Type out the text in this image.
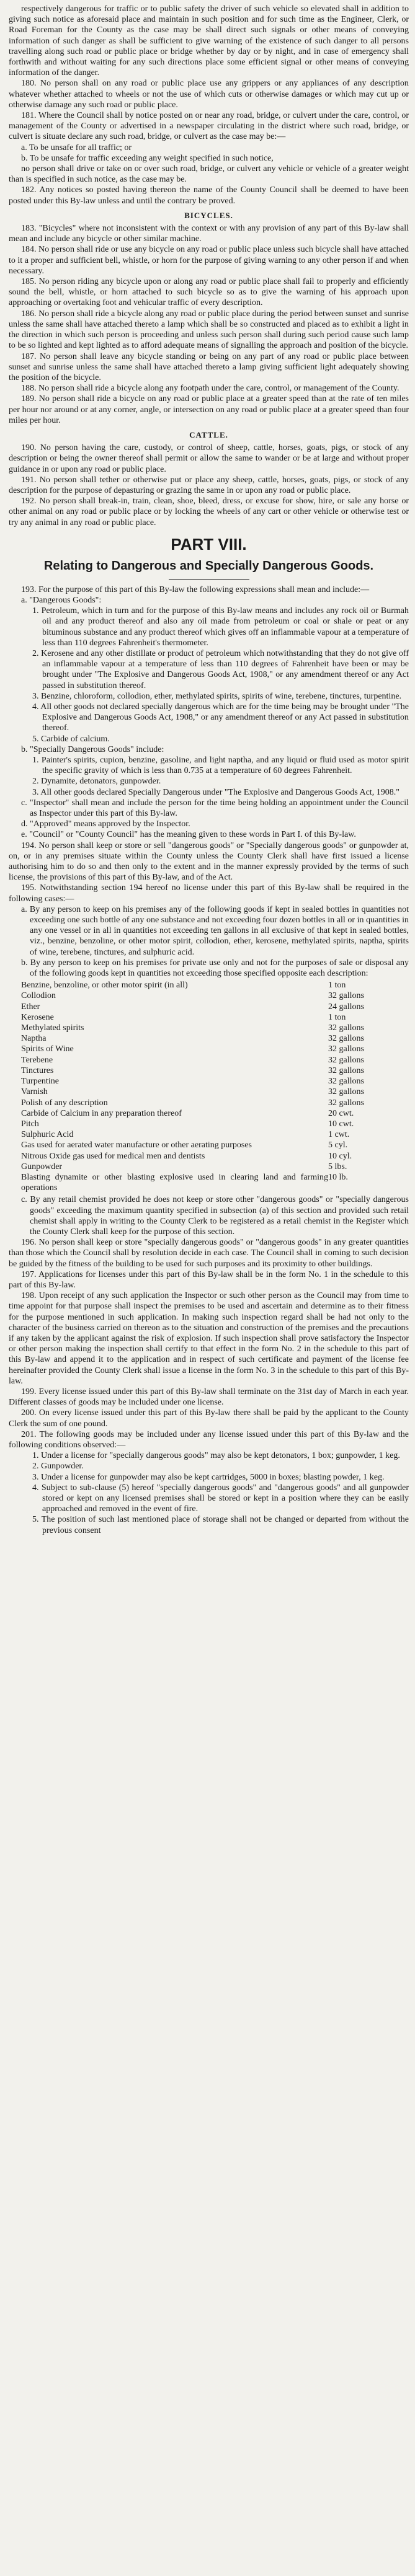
respectively dangerous for traffic or to public safety the driver of such vehicle so elevated shall in addition to giving such notice as aforesaid place and maintain in such position and for such time as the Engineer, Clerk, or Road Foreman for the County as the case may be shall direct such signals or other means of conveying information of such danger as shall be sufficient to give warning of the existence of such danger to all persons travelling along such road or public place or bridge whether by day or by night, and in case of emergency shall forthwith and without waiting for any such directions place some efficient signal or other means of conveying information of the danger.

180. No person shall on any road or public place use any grippers or any appliances of any description whatever whether attached to wheels or not the use of which cuts or otherwise damages or which may cut up or otherwise damage any such road or public place.

181. Where the Council shall by notice posted on or near any road, bridge, or culvert under the care, control, or management of the County or advertised in a newspaper circulating in the district where such road, bridge, or culvert is situate declare any such road, bridge, or culvert as the case may be:—

a. To be unsafe for all traffic; or

b. To be unsafe for traffic exceeding any weight specified in such notice,

no person shall drive or take on or over such road, bridge, or culvert any vehicle or vehicle of a greater weight than is specified in such notice, as the case may be.

182. Any notices so posted having thereon the name of the County Council shall be deemed to have been posted under this By-law unless and until the contrary be proved.

BICYCLES.

183. "Bicycles" where not inconsistent with the context or with any provision of any part of this By-law shall mean and include any bicycle or other similar machine.

184. No person shall ride or use any bicycle on any road or public place unless such bicycle shall have attached to it a proper and sufficient bell, whistle, or horn for the purpose of giving warning to any other person if and when necessary.

185. No person riding any bicycle upon or along any road or public place shall fail to properly and efficiently sound the bell, whistle, or horn attached to such bicycle so as to give the warning of his approach upon approaching or overtaking foot and vehicular traffic of every description.

186. No person shall ride a bicycle along any road or public place during the period between sunset and sunrise unless the same shall have attached thereto a lamp which shall be so constructed and placed as to exhibit a light in the direction in which such person is proceeding and unless such person shall during such period cause such lamp to be so lighted and kept lighted as to afford adequate means of signalling the approach and position of the bicycle.

187. No person shall leave any bicycle standing or being on any part of any road or public place between sunset and sunrise unless the same shall have attached thereto a lamp giving sufficient light adequately showing the position of the bicycle.

188. No person shall ride a bicycle along any footpath under the care, control, or management of the County.

189. No person shall ride a bicycle on any road or public place at a greater speed than at the rate of ten miles per hour nor around or at any corner, angle, or intersection on any road or public place at a greater speed than four miles per hour.

CATTLE.

190. No person having the care, custody, or control of sheep, cattle, horses, goats, pigs, or stock of any description or being the owner thereof shall permit or allow the same to wander or be at large and without proper guidance in or upon any road or public place.

191. No person shall tether or otherwise put or place any sheep, cattle, horses, goats, pigs, or stock of any description for the purpose of depasturing or grazing the same in or upon any road or public place.

192. No person shall break-in, train, clean, shoe, bleed, dress, or excuse for show, hire, or sale any horse or other animal on any road or public place or by locking the wheels of any cart or other vehicle or otherwise test or try any animal in any road or public place.

PART VIII.
Relating to Dangerous and Specially Dangerous Goods.

193. For the purpose of this part of this By-law the following expressions shall mean and include:—

a. "Dangerous Goods":

1. Petroleum, which in turn and for the purpose of this By-law means and includes any rock oil or Burmah oil and any product thereof and also any oil made from petroleum or coal or shale or peat or any bituminous substance and any product thereof which gives off an inflammable vapour at a temperature of less than 110 degrees Fahrenheit's thermometer.

2. Kerosene and any other distillate or product of petroleum which notwithstanding that they do not give off an inflammable vapour at a temperature of less than 110 degrees of Fahrenheit have been or may be brought under "The Explosive and Dangerous Goods Act, 1908," or any amendment thereof or any Act passed in substitution thereof.

3. Benzine, chloroform, collodion, ether, methylated spirits, spirits of wine, terebene, tinctures, turpentine.

4. All other goods not declared specially dangerous which are for the time being may be brought under "The Explosive and Dangerous Goods Act, 1908," or any amendment thereof or any Act passed in substitution thereof.

5. Carbide of calcium.

b. "Specially Dangerous Goods" include:

1. Painter's spirits, cupion, benzine, gasoline, and light naptha, and any liquid or fluid used as motor spirit the specific gravity of which is less than 0.735 at a temperature of 60 degrees Fahrenheit.

2. Dynamite, detonators, gunpowder.

3. All other goods declared Specially Dangerous under "The Explosive and Dangerous Goods Act, 1908."

c. "Inspector" shall mean and include the person for the time being holding an appointment under the Council as Inspector under this part of this By-law.

d. "Approved" means approved by the Inspector.

e. "Council" or "County Council" has the meaning given to these words in Part I. of this By-law.

194. No person shall keep or store or sell "dangerous goods" or "Specially dangerous goods" or gunpowder at, on, or in any premises situate within the County unless the County Clerk shall have first issued a license authorising him to do so and then only to the extent and in the manner expressly provided by the terms of such license, the provisions of this part of this By-law, and of the Act.

195. Notwithstanding section 194 hereof no license under this part of this By-law shall be required in the following cases:—

a. By any person to keep on his premises any of the following goods if kept in sealed bottles in quantities not exceeding one such bottle of any one substance and not exceeding four dozen bottles in all or in quantities in any one vessel or in all in quantities not exceeding ten gallons in all exclusive of that kept in sealed bottles, viz., benzine, benzoline, or other motor spirit, collodion, ether, kerosene, methylated spirits, naptha, spirits of wine, terebene, tinctures, and sulphuric acid.

b. By any person to keep on his premises for private use only and not for the purposes of sale or disposal any of the following goods kept in quantities not exceeding those specified opposite each description:

Benzine, benzoline, or other motor spirit (in all)	1 ton
Collodion	32 gallons
Ether	24 gallons
Kerosene	1 ton
Methylated spirits	32 gallons
Naptha	32 gallons
Spirits of Wine	32 gallons
Terebene	32 gallons
Tinctures	32 gallons
Turpentine	32 gallons
Varnish	32 gallons
Polish of any description	32 gallons
Carbide of Calcium in any preparation thereof	20 cwt.
Pitch	10 cwt.
Sulphuric Acid	1 cwt.
Gas used for aerated water manufacture or other aerating purposes	5 cyl.
Nitrous Oxide gas used for medical men and dentists	10 cyl.
Gunpowder	5 lbs.
Blasting dynamite or other blasting explosive used in clearing land and farming operations	10 lb.

c. By any retail chemist provided he does not keep or store other "dangerous goods" or "specially dangerous goods" exceeding the maximum quantity specified in subsection (a) of this section and provided such retail chemist shall apply in writing to the County Clerk to be registered as a retail chemist in the Register which the County Clerk shall keep for the purpose of this section.

196. No person shall keep or store "specially dangerous goods" or "dangerous goods" in any greater quantities than those which the Council shall by resolution decide in each case. The Council shall in coming to such decision be guided by the fitness of the building to be used for such purposes and its proximity to other buildings.

197. Applications for licenses under this part of this By-law shall be in the form No. 1 in the schedule to this part of this By-law.

198. Upon receipt of any such application the Inspector or such other person as the Council may from time to time appoint for that purpose shall inspect the premises to be used and ascertain and determine as to their fitness for the purpose mentioned in such application. In making such inspection regard shall be had not only to the character of the business carried on thereon as to the situation and construction of the premises and the precautions if any taken by the applicant against the risk of explosion. If such inspection shall prove satisfactory the Inspector or other person making the inspection shall certify to that effect in the form No. 2 in the schedule to this part of this By-law and append it to the application and in respect of such certificate and payment of the license fee hereinafter provided the County Clerk shall issue a license in the form No. 3 in the schedule to this part of this By-law.

199. Every license issued under this part of this By-law shall terminate on the 31st day of March in each year. Different classes of goods may be included under one license.

200. On every license issued under this part of this By-law there shall be paid by the applicant to the County Clerk the sum of one pound.

201. The following goods may be included under any license issued under this part of this By-law and the following conditions observed:—

1. Under a license for "specially dangerous goods" may also be kept detonators, 1 box; gunpowder, 1 keg.

2. Gunpowder.

3. Under a license for gunpowder may also be kept cartridges, 5000 in boxes; blasting powder, 1 keg.

4. Subject to sub-clause (5) hereof "specially dangerous goods" and "dangerous goods" and all gunpowder stored or kept on any licensed premises shall be stored or kept in a position where they can be easily approached and removed in the event of fire.

5. The position of such last mentioned place of storage shall not be changed or departed from without the previous consent
